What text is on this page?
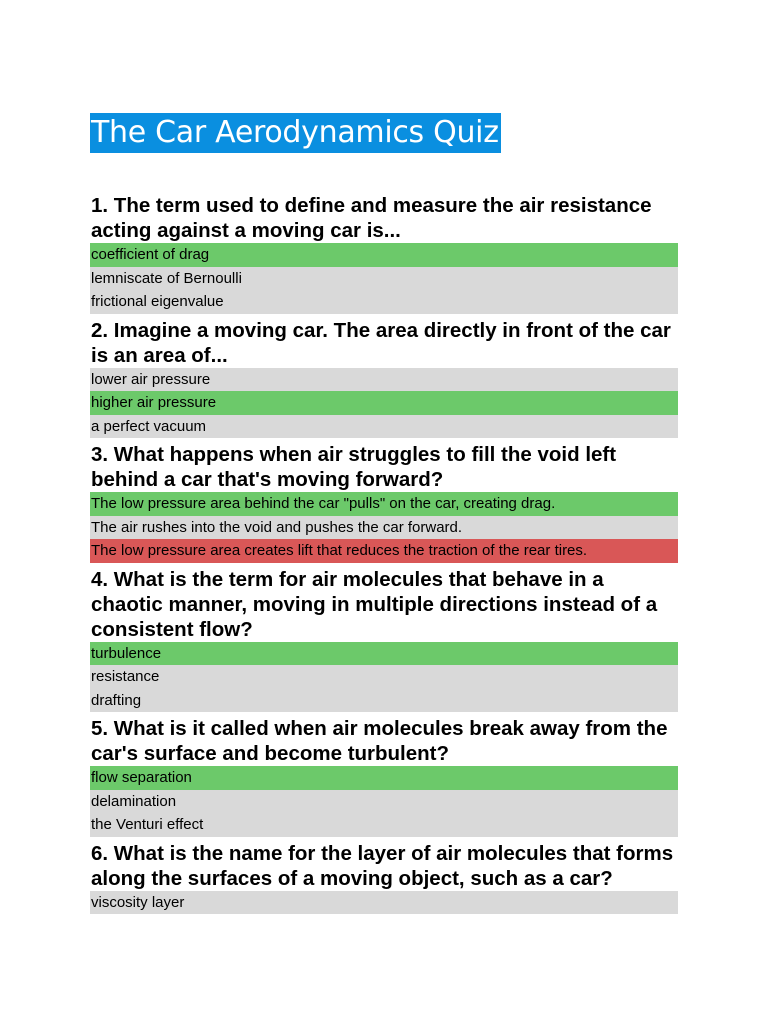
The Car Aerodynamics Quiz

1. The term used to define and measure the air resistance acting against a moving car is...

coefficient of drag
lemniscate of Bernoulli
frictional eigenvalue

2. Imagine a moving car. The area directly in front of the car is an area of...

lower air pressure
higher air pressure
a perfect vacuum

3. What happens when air struggles to fill the void left behind a car that's moving forward?

The low pressure area behind the car "pulls" on the car, creating drag.
The air rushes into the void and pushes the car forward.
The low pressure area creates lift that reduces the traction of the rear tires.

4. What is the term for air molecules that behave in a chaotic manner, moving in multiple directions instead of a consistent flow?

turbulence
resistance
drafting

5. What is it called when air molecules break away from the car's surface and become turbulent?

flow separation
delamination
the Venturi effect

6. What is the name for the layer of air molecules that forms along the surfaces of a moving object, such as a car?

viscosity layer
